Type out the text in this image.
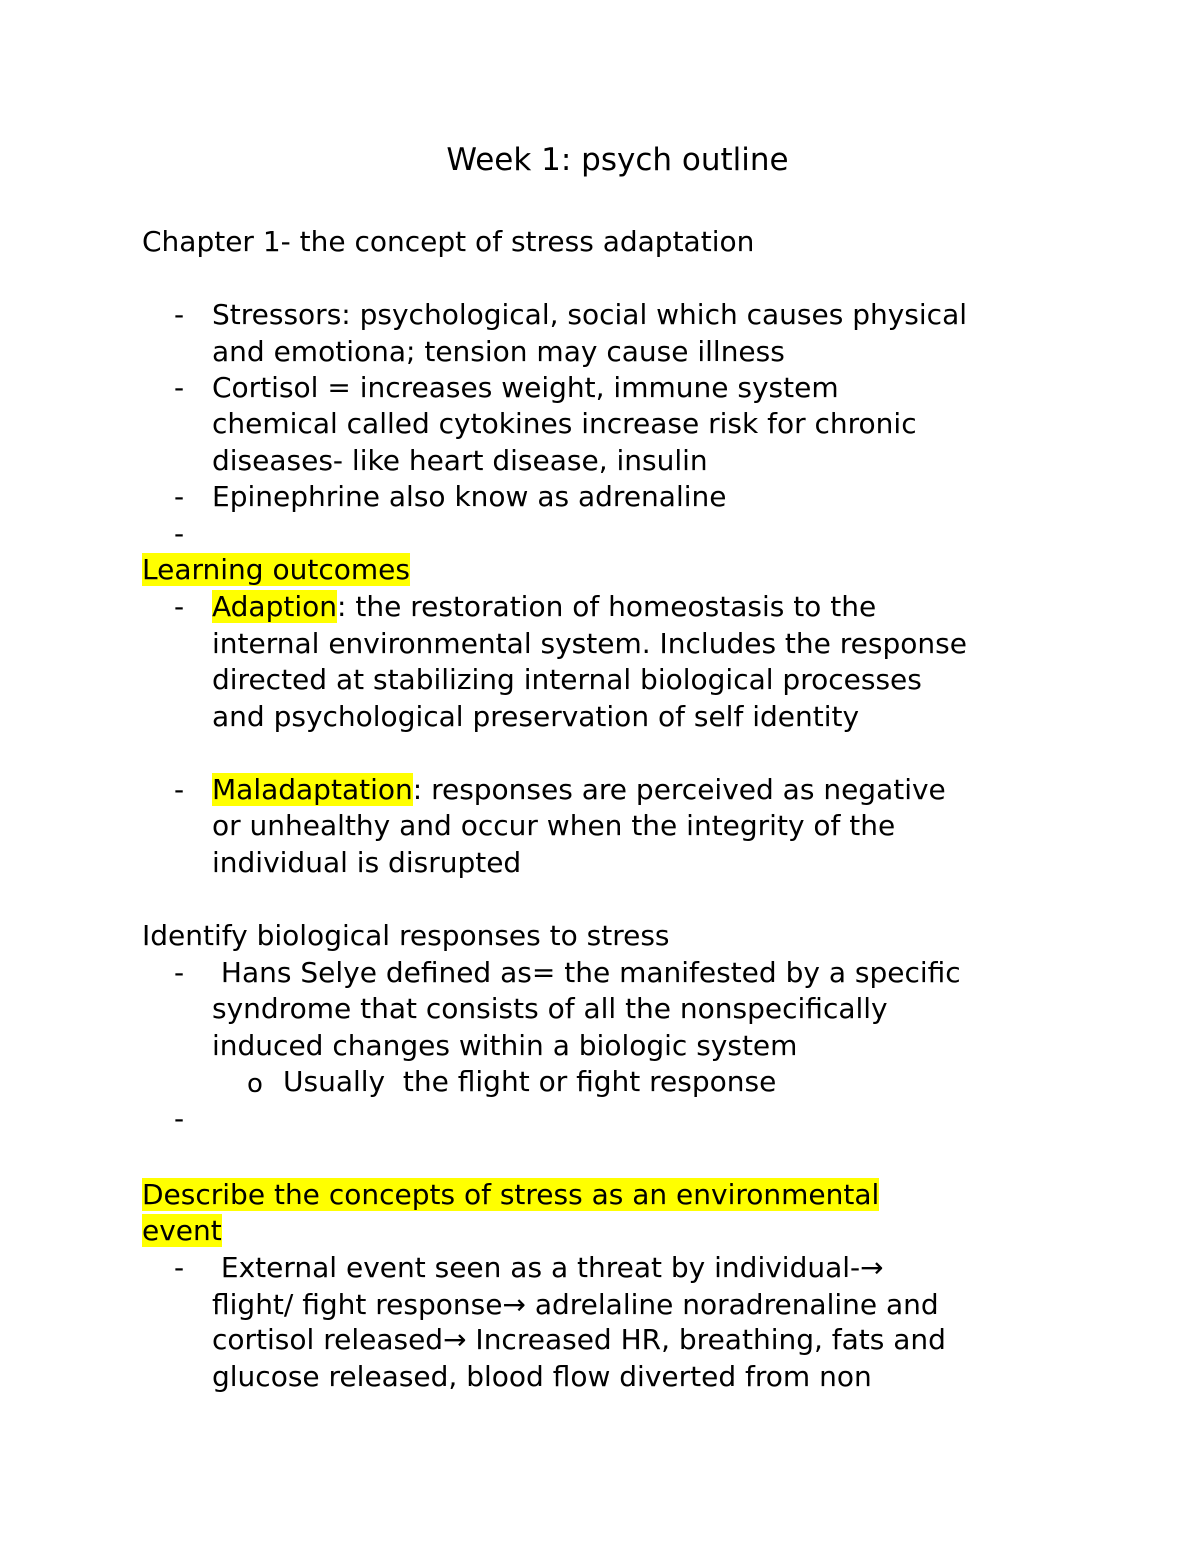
Week 1: psych outline
Chapter 1- the concept of stress adaptation
- Stressors: psychological, social which causes physical
and emotiona; tension may cause illness
- Cortisol = increases weight, immune system
chemical called cytokines increase risk for chronic
diseases- like heart disease, insulin
- Epinephrine also know as adrenaline
-
Learning outcomes
- Adaption: the restoration of homeostasis to the
internal environmental system. Includes the response
directed at stabilizing internal biological processes
and psychological preservation of self identity
- Maladaptation: responses are perceived as negative
or unhealthy and occur when the integrity of the
individual is disrupted
Identify biological responses to stress
- Hans Selye defined as= the manifested by a specific
syndrome that consists of all the nonspecifically
induced changes within a biologic system
o Usually  the flight or fight response
-
Describe the concepts of stress as an environmental
event
- External event seen as a threat by individual-→
flight/ fight response→ adrelaline noradrenaline and
cortisol released→ Increased HR, breathing, fats and
glucose released, blood flow diverted from non
